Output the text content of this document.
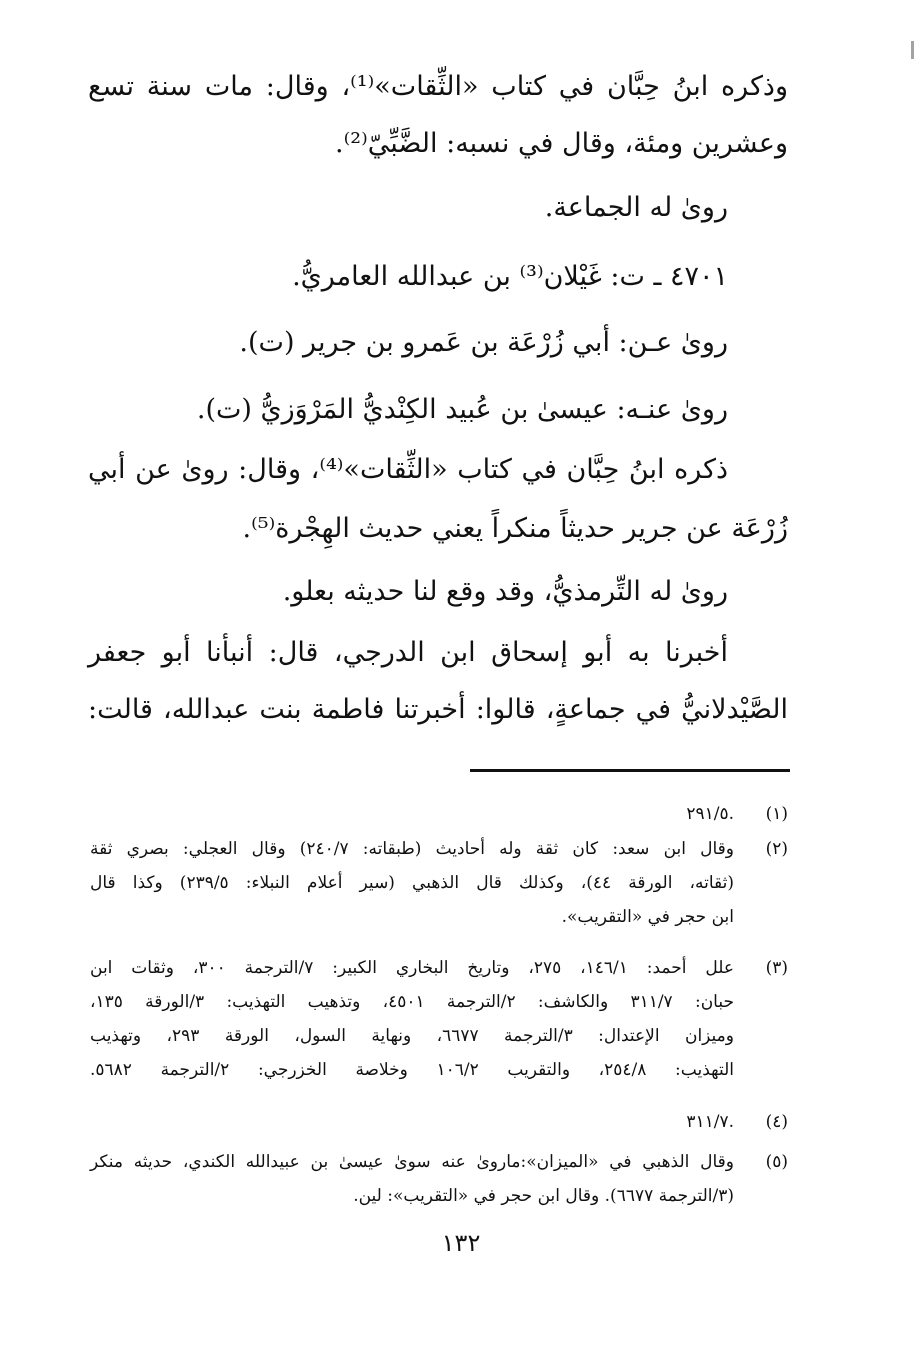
وذكره ابنُ حِبَّان في كتاب «الثِّقات»⁽¹⁾، وقال: مات سنة تسع
وعشرين ومئة، وقال في نسبه: الضَّبِّيّ⁽²⁾.
روىٰ له الجماعة.
٤٧٠١ ـ ت: غَيْلان⁽³⁾ بن عبدالله العامريُّ.
روىٰ عـن: أبي زُرْعَة بن عَمرو بن جرير (ت).
روىٰ عنـه: عيسىٰ بن عُبيد الكِنْديُّ المَرْوَزيُّ (ت).
ذكره ابنُ حِبَّان في كتاب «الثِّقات»⁽⁴⁾، وقال: روىٰ عن أبي
زُرْعَة عن جرير حديثاً منكراً يعني حديث الهِجْرة⁽⁵⁾.
روىٰ له التِّرمذيُّ، وقد وقع لنا حديثه بعلو.
أخبرنا به أبو إسحاق ابن الدرجي، قال: أنبأنا أبو جعفر
الصَّيْدلانيُّ في جماعةٍ، قالوا: أخبرتنا فاطمة بنت عبدالله، قالت:
(١)
.٢٩١/٥
(٢)
وقال ابن سعد: كان ثقة وله أحاديث (طبقاته: ٢٤٠/٧) وقال العجلي: بصري ثقة
(ثقاته، الورقة ٤٤)، وكذلك قال الذهبي (سير أعلام النبلاء: ٢٣٩/٥) وكذا قال
ابن حجر في «التقريب».
(٣)
علل أحمد: ١٤٦/١، ٢٧٥، وتاريخ البخاري الكبير: ٧/الترجمة ٣٠٠، وثقات ابن
حبان: ٣١١/٧ والكاشف: ٢/الترجمة ٤٥٠١، وتذهيب التهذيب: ٣/الورقة ١٣٥،
وميزان الإعتدال: ٣/الترجمة ٦٦٧٧، ونهاية السول، الورقة ٢٩٣، وتهذيب
التهذيب: ٢٥٤/٨، والتقريب ١٠٦/٢ وخلاصة الخزرجي: ٢/الترجمة ٥٦٨٢.
(٤)
.٣١١/٧
(٥)
وقال الذهبي في «الميزان»:ماروىٰ عنه سوىٰ عيسىٰ بن عبيدالله الكندي، حديثه منكر
(٣/الترجمة ٦٦٧٧). وقال ابن حجر في «التقريب»: لين.
١٣٢
